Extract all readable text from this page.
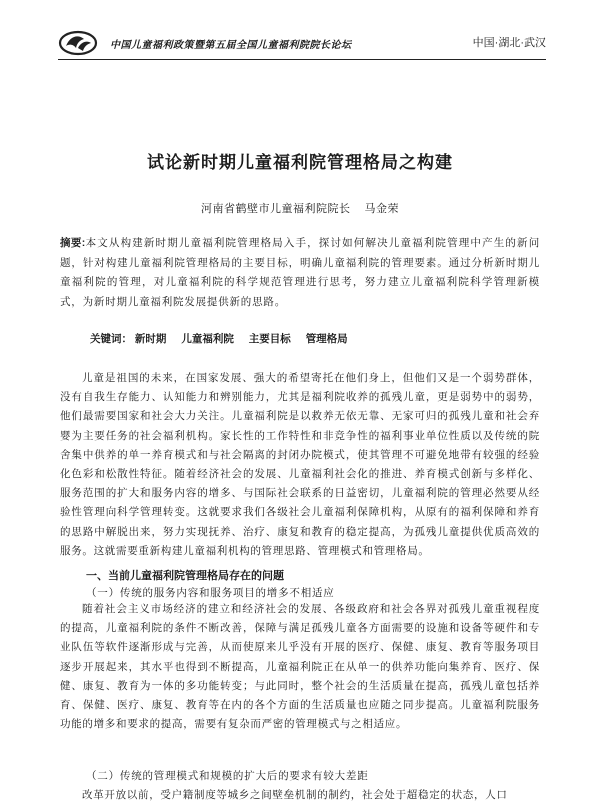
中国儿童福利政策暨第五届全国儿童福利院院长论坛	中国·湖北·武汉
试论新时期儿童福利院管理格局之构建
河南省鹤壁市儿童福利院院长 马金荣
摘要:本文从构建新时期儿童福利院管理格局入手，探讨如何解决儿童福利院管理中产生的新问题，针对构建儿童福利院管理格局的主要目标，明确儿童福利院的管理要素。通过分析新时期儿童福利院的管理，对儿童福利院的科学规范管理进行思考，努力建立儿童福利院科学管理新模式，为新时期儿童福利院发展提供新的思路。
关键词： 新时期 儿童福利院 主要目标 管理格局

儿童是祖国的未来，在国家发展、强大的希望寄托在他们身上，但他们又是一个弱势群体，没有自我生存能力、认知能力和辨别能力，尤其是福利院收养的孤残儿童，更是弱势中的弱势，他们最需要国家和社会大力关注。儿童福利院是以救养无依无靠、无家可归的孤残儿童和社会弃婴为主要任务的社会福利机构。家长性的工作特性和非竞争性的福利事业单位性质以及传统的院舍集中供养的单一养育模式和与社会隔离的封闭办院模式，使其管理不可避免地带有较强的经验化色彩和松散性特征。随着经济社会的发展、儿童福利社会化的推进、养育模式创新与多样化、服务范围的扩大和服务内容的增多、与国际社会联系的日益密切，儿童福利院的管理必然要从经验性管理向科学管理转变。这就要求我们各级社会儿童福利保障机构，从原有的福利保障和养育的思路中解脱出来，努力实现抚养、治疗、康复和教育的稳定提高，为孤残儿童提供优质高效的服务。这就需要重新构建儿童福利机构的管理思路、管理模式和管理格局。

一、当前儿童福利院管理格局存在的问题
（一）传统的服务内容和服务项目的增多不相适应

随着社会主义市场经济的建立和经济社会的发展、各级政府和社会各界对孤残儿童重视程度的提高，儿童福利院的条件不断改善，保障与满足孤残儿童各方面需要的设施和设备等硬件和专业队伍等软件逐渐形成与完善，从而使原来儿乎没有开展的医疗、保健、康复、教育等服务项目逐步开展起来，其水平也得到不断提高，儿童福利院正在从单一的供养功能向集养育、医疗、保健、康复、教育为一体的多功能转变；与此同时，整个社会的生活质量在提高，孤残儿童包括养育、保健、医疗、康复、教育等在内的各个方面的生活质量也应随之同步提高。儿童福利院服务功能的增多和要求的提高，需要有复杂而严密的管理模式与之相适应。

（二）传统的管理模式和规模的扩大后的要求有较大差距

改革开放以前，受户籍制度等城乡之间壁垒机制的制约，社会处于超稳定的状态，人口
